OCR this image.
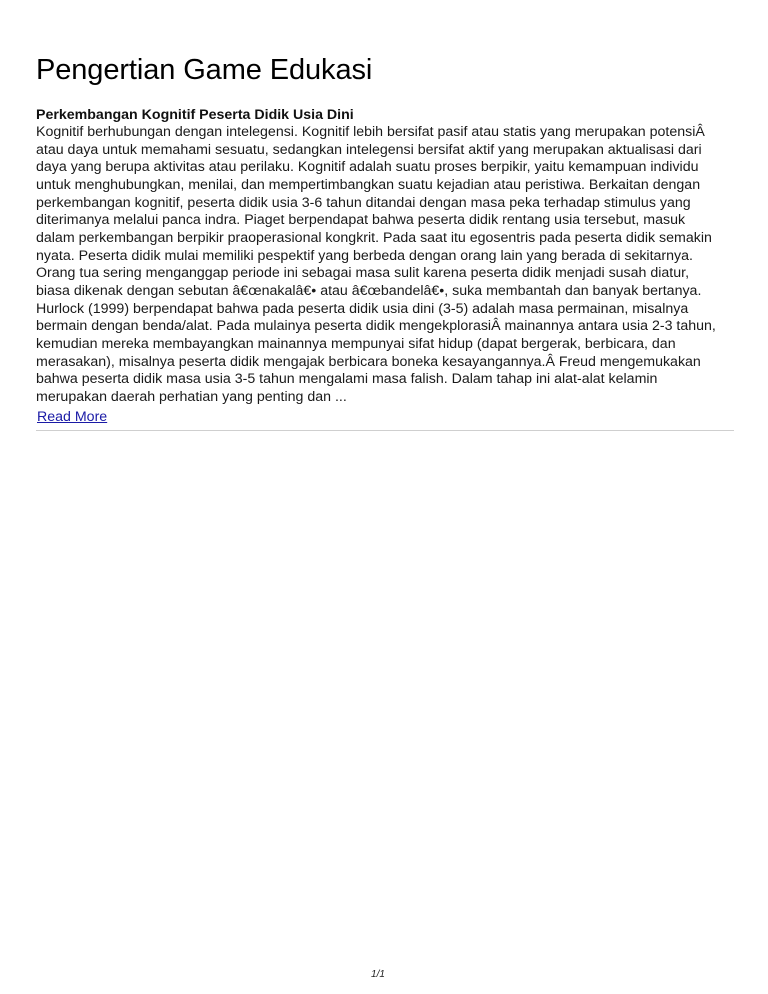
Pengertian Game Edukasi
Perkembangan Kognitif Peserta Didik Usia Dini

Kognitif berhubungan dengan intelegensi. Kognitif lebih bersifat pasif atau statis yang merupakan potensiÂ atau daya untuk memahami sesuatu, sedangkan intelegensi bersifat aktif yang merupakan aktualisasi dari daya yang berupa aktivitas atau perilaku. Kognitif adalah suatu proses berpikir, yaitu kemampuan individu untuk menghubungkan, menilai, dan mempertimbangkan suatu kejadian atau peristiwa. Berkaitan dengan perkembangan kognitif, peserta didik usia 3-6 tahun ditandai dengan masa peka terhadap stimulus yang diterimanya melalui panca indra. Piaget berpendapat bahwa peserta didik rentang usia tersebut, masuk dalam perkembangan berpikir praoperasional kongkrit. Pada saat itu egosentris pada peserta didik semakin nyata. Peserta didik mulai memiliki pespektif yang berbeda dengan orang lain yang berada di sekitarnya. Orang tua sering menganggap periode ini sebagai masa sulit karena peserta didik menjadi susah diatur, biasa dikenak dengan sebutan â€œnakalâ€• atau â€œbandelâ€•, suka membantah dan banyak bertanya. Hurlock (1999) berpendapat bahwa pada peserta didik usia dini (3-5) adalah masa permainan, misalnya bermain dengan benda/alat. Pada mulainya peserta didik mengekplorasiÂ mainannya antara usia 2-3 tahun, kemudian mereka membayangkan mainannya mempunyai sifat hidup (dapat bergerak, berbicara, dan merasakan), misalnya peserta didik mengajak berbicara boneka kesayangannya.Â Freud mengemukakan bahwa peserta didik masa usia 3-5 tahun mengalami masa falish. Dalam tahap ini alat-alat kelamin merupakan daerah perhatian yang penting dan ...

Read More
1/1
